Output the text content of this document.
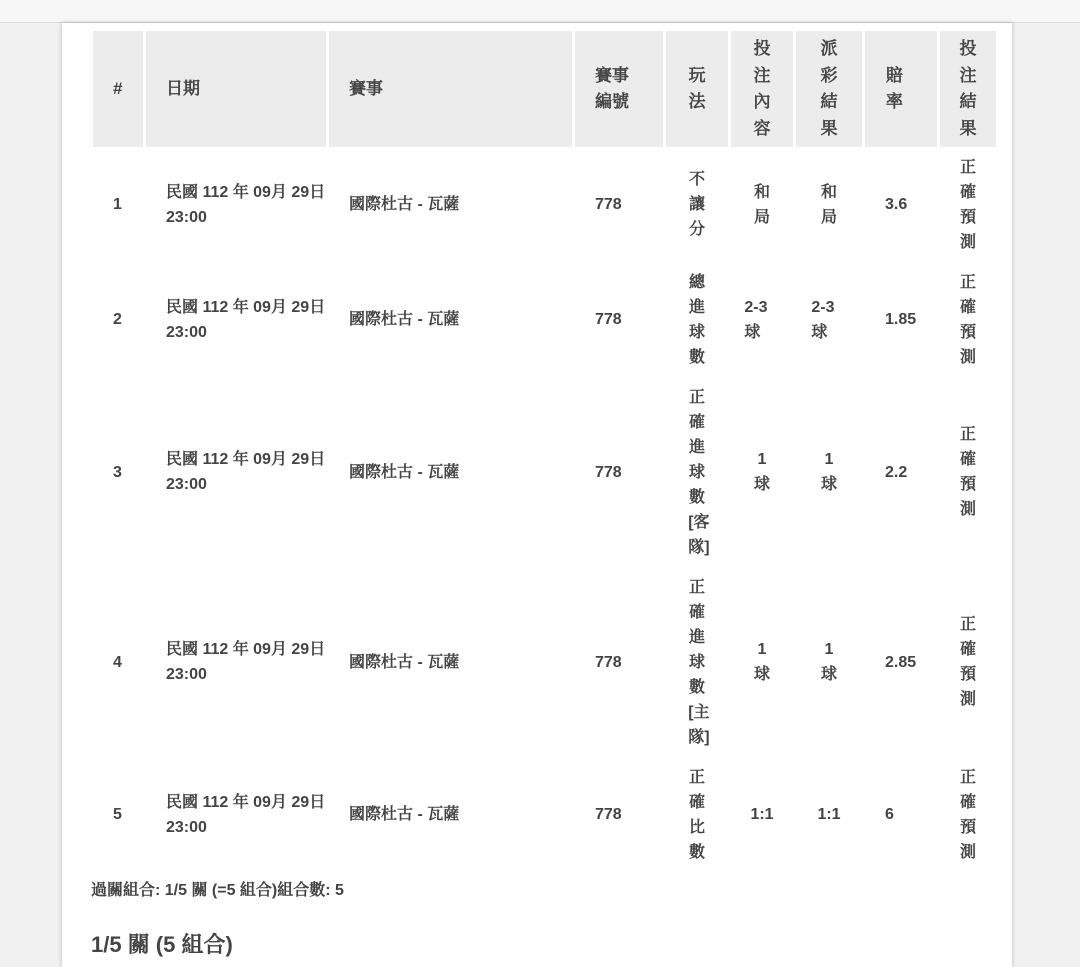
#	日期	賽事	賽事編號	玩法	投注內容	派彩結果	賠率	投注結果
1	民國 112 年 09月 29日 23:00	國際杜古 - 瓦薩	778	不讓分	和局	和局	3.6	正確預測
2	民國 112 年 09月 29日 23:00	國際杜古 - 瓦薩	778	總進球數	2-3球	2-3球	1.85	正確預測
3	民國 112 年 09月 29日 23:00	國際杜古 - 瓦薩	778	正確進球數[客隊]	1 球	1 球	2.2	正確預測
4	民國 112 年 09月 29日 23:00	國際杜古 - 瓦薩	778	正確進球數[主隊]	1 球	1 球	2.85	正確預測
5	民國 112 年 09月 29日 23:00	國際杜古 - 瓦薩	778	正確比數	1:1	1:1	6	正確預測
過關組合: 1/5 關 (=5 組合)組合數: 5
1/5 關 (5 組合)
